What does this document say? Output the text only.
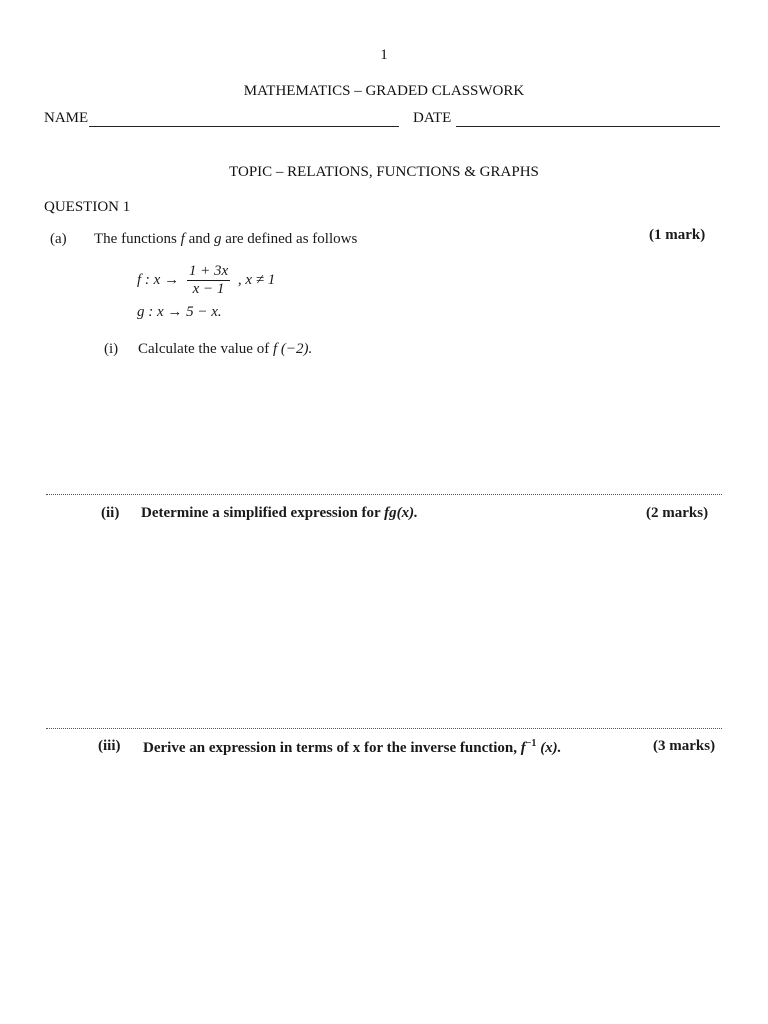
1
MATHEMATICS – GRADED CLASSWORK
NAME	DATE
TOPIC – RELATIONS, FUNCTIONS & GRAPHS
QUESTION 1
(a) The functions f and g are defined as follows	(1 mark)
f : $x \to \frac{1 + 3x}{x - 1}$ , x ≠ 1
g : x → 5 − x.
(i) Calculate the value of f (−2).
(ii) Determine a simplified expression for fg(x).	(2 marks)
(iii) Derive an expression in terms of x for the inverse function, $f^{-1}$ (x).	(3 marks)
